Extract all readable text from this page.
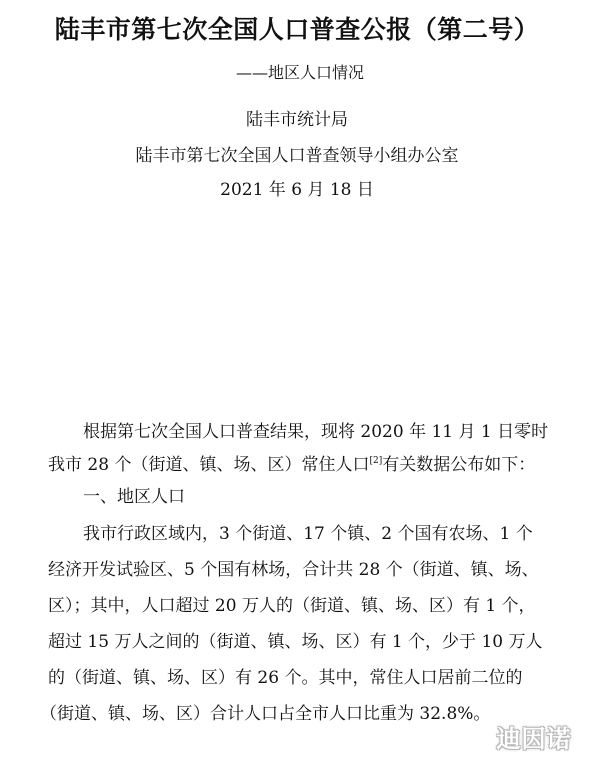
陆丰市第七次全国人口普查公报（第二号）
——地区人口情况
陆丰市统计局
陆丰市第七次全国人口普查领导小组办公室
2021 年 6 月 18 日
根据第七次全国人口普查结果，现将 2020 年 11 月 1 日零时
我市 28 个（街道、镇、场、区）常住人口[2]有关数据公布如下：
一、地区人口
我市行政区域内，3 个街道、17 个镇、2 个国有农场、1 个
经济开发试验区、5 个国有林场，合计共 28 个（街道、镇、场、
区）；其中，人口超过 20 万人的（街道、镇、场、区）有 1 个，
超过 15 万人之间的（街道、镇、场、区）有 1 个，少于 10 万人
的（街道、镇、场、区）有 26 个。其中，常住人口居前二位的
（街道、镇、场、区）合计人口占全市人口比重为 32.8%。
迪因诺
